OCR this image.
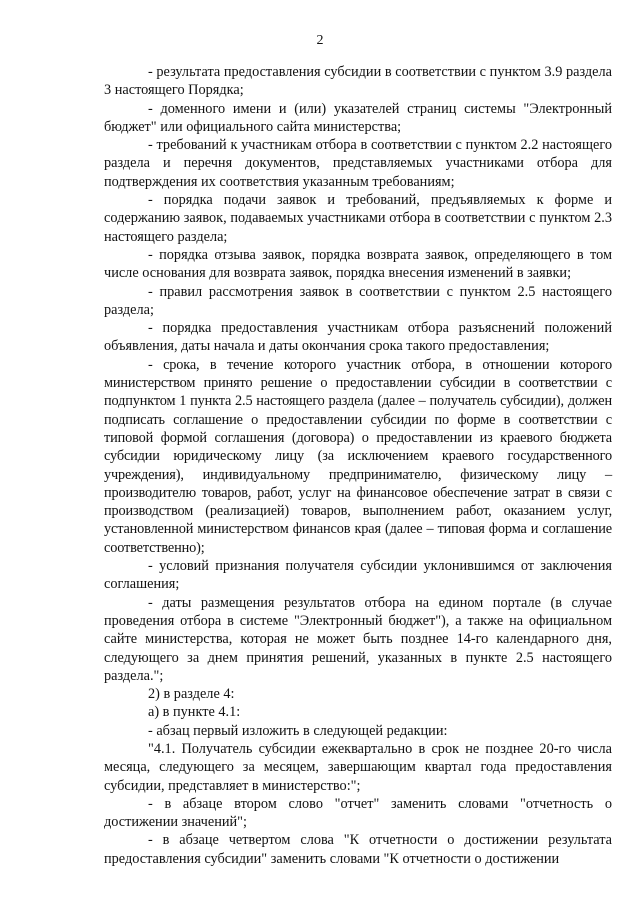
2

- результата предоставления субсидии в соответствии с пунктом 3.9 раздела 3 настоящего Порядка;

- доменного имени и (или) указателей страниц системы "Электронный бюджет" или официального сайта министерства;

- требований к участникам отбора в соответствии с пунктом 2.2 настоящего раздела и перечня документов, представляемых участниками отбора для подтверждения их соответствия указанным требованиям;

- порядка подачи заявок и требований, предъявляемых к форме и содержанию заявок, подаваемых участниками отбора в соответствии с пунктом 2.3 настоящего раздела;

- порядка отзыва заявок, порядка возврата заявок, определяющего в том числе основания для возврата заявок, порядка внесения изменений в заявки;

- правил рассмотрения заявок в соответствии с пунктом 2.5 настоящего раздела;

- порядка предоставления участникам отбора разъяснений положений объявления, даты начала и даты окончания срока такого предоставления;

- срока, в течение которого участник отбора, в отношении которого министерством принято решение о предоставлении субсидии в соответствии с подпунктом 1 пункта 2.5 настоящего раздела (далее – получатель субсидии), должен подписать соглашение о предоставлении субсидии по форме в соответствии с типовой формой соглашения (договора) о предоставлении из краевого бюджета субсидии юридическому лицу (за исключением краевого государственного учреждения), индивидуальному предпринимателю, физическому лицу – производителю товаров, работ, услуг на финансовое обеспечение затрат в связи с производством (реализацией) товаров, выполнением работ, оказанием услуг, установленной министерством финансов края (далее – типовая форма и соглашение соответственно);

- условий признания получателя субсидии уклонившимся от заключения соглашения;

- даты размещения результатов отбора на едином портале (в случае проведения отбора в системе "Электронный бюджет"), а также на официальном сайте министерства, которая не может быть позднее 14-го календарного дня, следующего за днем принятия решений, указанных в пункте 2.5 настоящего раздела.";

2) в разделе 4:

а) в пункте 4.1:

- абзац первый изложить в следующей редакции:

"4.1. Получатель субсидии ежеквартально в срок не позднее 20-го числа месяца, следующего за месяцем, завершающим квартал года предоставления субсидии, представляет в министерство:";

- в абзаце втором слово "отчет" заменить словами "отчетность о достижении значений";

- в абзаце четвертом слова "К отчетности о достижении результата предоставления субсидии" заменить словами "К отчетности о достижении
